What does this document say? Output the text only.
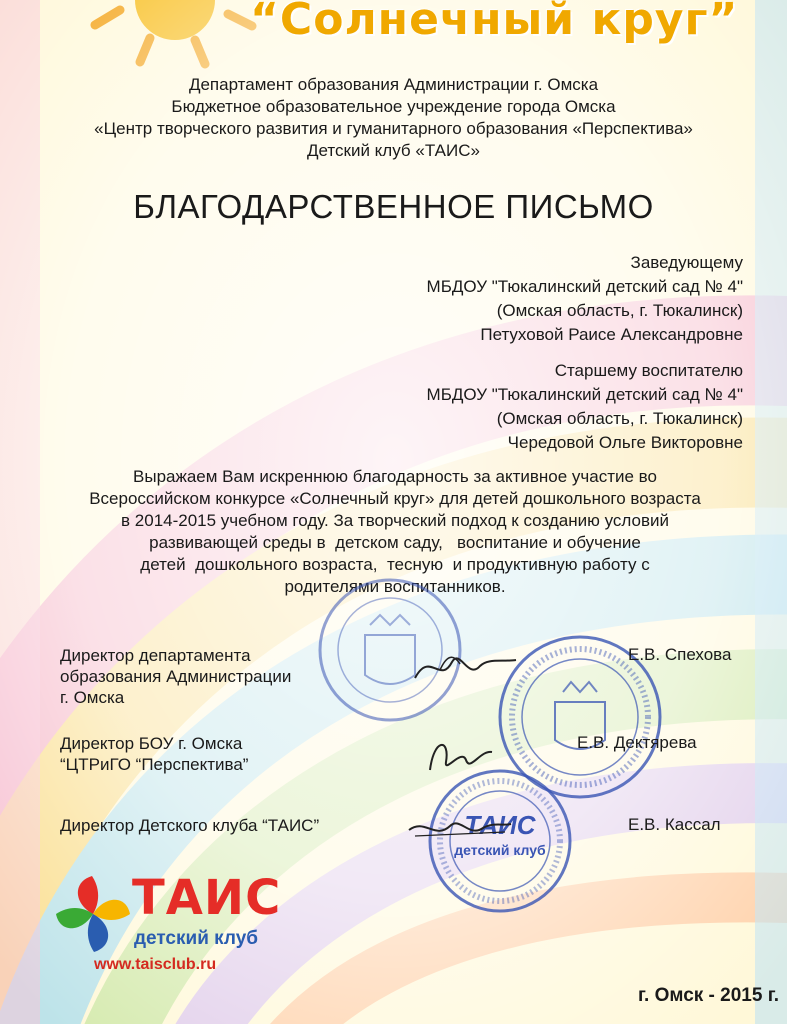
“Солнечный круг”
Департамент образования Администрации г. Омска
Бюджетное образовательное учреждение города Омска
«Центр творческого развития и гуманитарного образования «Перспектива»
Детский клуб «ТАИС»
БЛАГОДАРСТВЕННОЕ ПИСЬМО
Заведующему
МБДОУ "Тюкалинский детский сад № 4"
(Омская область, г. Тюкалинск)
Петуховой Раисе Александровне
Старшему воспитателю
МБДОУ "Тюкалинский детский сад № 4"
(Омская область, г. Тюкалинск)
Чередовой Ольге Викторовне
Выражаем Вам искреннюю благодарность за активное участие во
Всероссийском конкурсе «Солнечный круг» для детей дошкольного возраста
в 2014-2015 учебном году. За творческий подход к созданию условий
развивающей среды в  детском саду,   воспитание и обучение
детей  дошкольного возраста,  тесную  и продуктивную работу с
родителями воспитанников.
ТАИС
детский клуб
Директор департамента
образования Администрации
г. Омска
Е.В. Спехова
Директор БОУ г. Омска
“ЦТРиГО “Перспектива”
Е.В. Дектярева
Директор Детского клуба “ТАИС”	Е.В. Кассал
ТАИС
детский клуб
www.taisclub.ru
г. Омск - 2015 г.
